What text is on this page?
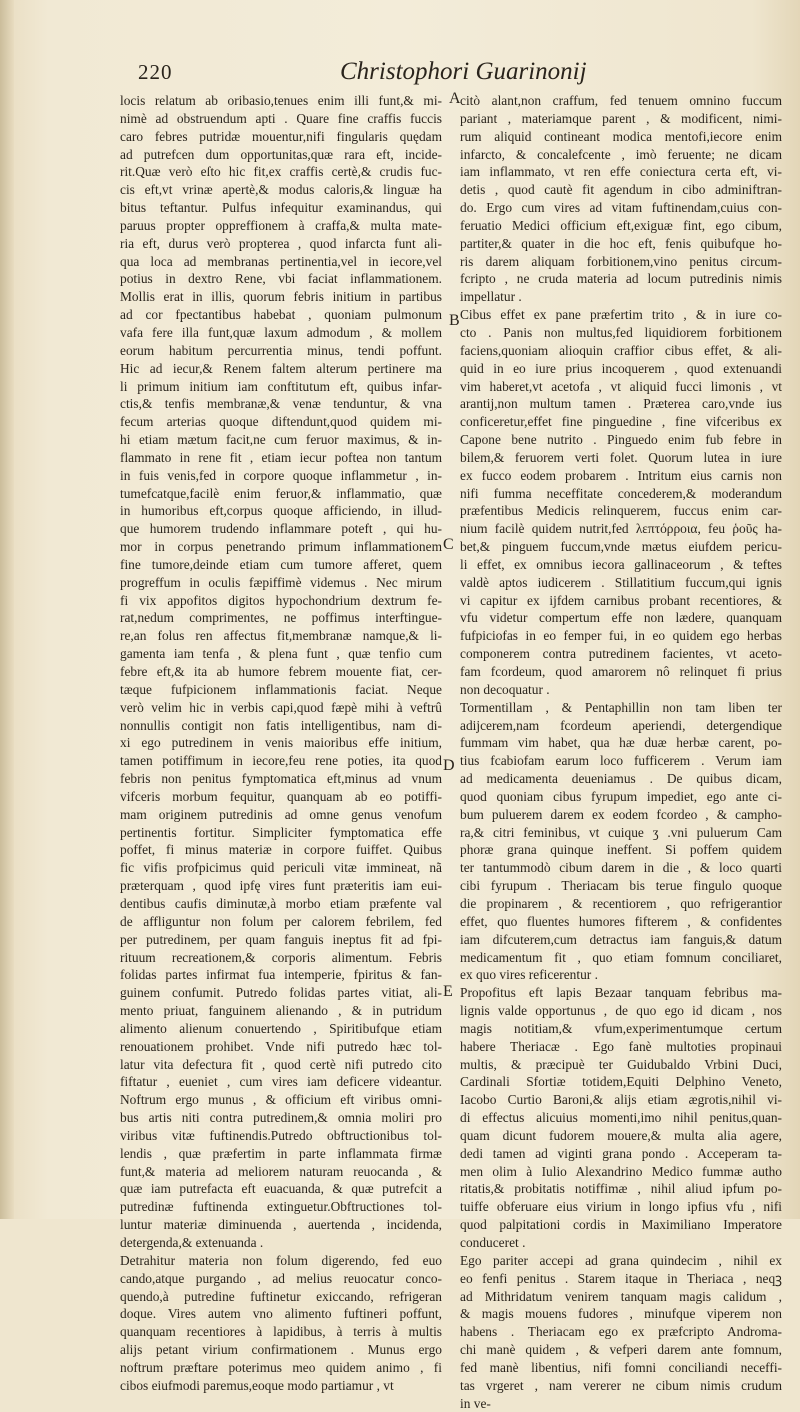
220	Christophori Guarinonij
locis relatum ab oribasio,tenues enim illi funt,& mi-
nimè ad obstruendum apti . Quare fine craffis fuccis
caro febres putridæ mouentur,nifi fingularis quędam
ad putrefcen dum opportunitas,quæ rara eft, incide-
rit.Quæ verò eſto hic fit,ex craffis certè,& crudis fuc-
cis eft,vt vrinæ apertè,& modus caloris,& linguæ ha
bitus teftantur. Pulfus infequitur examinandus, qui
paruus propter oppreffionem à craffa,& multa mate-
ria eft, durus verò propterea , quod infarcta funt ali-
qua loca ad membranas pertinentia,vel in iecore,vel
potius in dextro Rene, vbi faciat inflammationem.
Mollis erat in illis, quorum febris initium in partibus
ad cor fpectantibus habebat , quoniam pulmonum
vafa fere illa funt,quæ laxum admodum , & mollem
eorum habitum percurrentia minus, tendi poffunt.
Hic ad iecur,& Renem faltem alterum pertinere ma
li primum initium iam conftitutum eft, quibus infar-
ctis,& tenfis membranæ,& venæ tenduntur, & vna
fecum arterias quoque diftendunt,quod quidem mi-
hi etiam mætum facit,ne cum feruor maximus, & in-
flammato in rene fit , etiam iecur poftea non tantum
in fuis venis,fed in corpore quoque inflammetur , in-
tumefcatque,facilè enim feruor,& inflammatio, quæ
in humoribus eft,corpus quoque afficiendo, in illud-
que humorem trudendo inflammare poteft , qui hu-
mor in corpus penetrando primum inflammationem
fine tumore,deinde etiam cum tumore afferet, quem
progreffum in oculis fæpiffimè videmus . Nec mirum
fi vix appofitos digitos hypochondrium dextrum fe-
rat,nedum comprimentes, ne poffimus interftingue-
re,an folus ren affectus fit,membranæ namque,& li-
gamenta iam tenfa , & plena funt , quæ tenfio cum
febre eft,& ita ab humore febrem mouente fiat, cer-
tæque fufpicionem inflammationis faciat. Neque
verò velim hic in verbis capi,quod fæpè mihi à veftrû
nonnullis contigit non fatis intelligentibus, nam di-
xi ego putredinem in venis maioribus effe initium,
tamen potiffimum in iecore,feu rene poties, ita quod
febris non penitus fymptomatica eft,minus ad vnum
vifceris morbum fequitur, quanquam ab eo potiffi-
mam originem putredinis ad omne genus venofum
pertinentis fortitur. Simpliciter fymptomatica effe
poffet, fi minus materiæ in corpore fuiffet. Quibus
fic vifis profpicimus quid periculi vitæ immineat, nã
præterquam , quod ipfę vires funt præteritis iam eui-
dentibus caufis diminutæ,à morbo etiam præfente val
de affliguntur non folum per calorem febrilem, fed
per putredinem, per quam fanguis ineptus fit ad fpi-
rituum recreationem,& corporis alimentum. Febris
folidas partes infirmat fua intemperie, fpiritus & fan-
guinem confumit. Putredo folidas partes vitiat, ali-
mento priuat, fanguinem alienando , & in putridum
alimento alienum conuertendo , Spiritibufque etiam
renouationem prohibet. Vnde nifi putredo hæc tol-
latur vita defectura fit , quod certè nifi putredo cito
fiftatur , eueniet , cum vires iam deficere videantur.
Noftrum ergo munus , & officium eft viribus omni-
bus artis niti contra putredinem,& omnia moliri pro
viribus vitæ fuftinendis.Putredo obftructionibus tol-
lendis , quæ præfertim in parte inflammata firmæ
funt,& materia ad meliorem naturam reuocanda , &
quæ iam putrefacta eft euacuanda, & quæ putrefcit a
putredinæ fuftinenda extinguetur.Obftructiones tol-
luntur materiæ diminuenda , auertenda , incidenda,
detergenda,& extenuanda .
Detrahitur materia non folum digerendo, fed euo
cando,atque purgando , ad melius reuocatur conco-
quendo,à putredine fuftinetur exiccando, refrigeran
doque. Vires autem vno alimento fuftineri poffunt,
quanquam recentiores à lapidibus, à terris à multis
alijs petant virium confirmationem . Munus ergo
noftrum præftare poterimus meo quidem animo , fi
cibos eiufmodi paremus,eoque modo partiamur , vt
A
B
C
D
E
citò alant,non craffum, fed tenuem omnino fuccum
pariant , materiamque parent , & modificent, nimi-
rum aliquid contineant modica mentofi,iecore enim
infarcto, & concalefcente , imò feruente; ne dicam
iam inflammato, vt ren effe coniectura certa eft, vi-
detis , quod cautè fit agendum in cibo adminiftran-
do. Ergo cum vires ad vitam fuftinendam,cuius con-
feruatio Medici officium eft,exiguæ fint, ego cibum,
partiter,& quater in die hoc eft, fenis quibufque ho-
ris darem aliquam forbitionem,vino penitus circum-
fcripto , ne cruda materia ad locum putredinis nimis
impellatur .
Cibus effet ex pane præfertim trito , & in iure co-
cto . Panis non multus,fed liquidiorem forbitionem
faciens,quoniam alioquin craffior cibus effet, & ali-
quid in eo iure prius incoquerem , quod extenuandi
vim haberet,vt acetofa , vt aliquid fucci limonis , vt
arantij,non multum tamen . Præterea caro,vnde ius
conficeretur,effet fine pinguedine , fine vifceribus ex
Capone bene nutrito . Pinguedo enim fub febre in
bilem,& feruorem verti folet. Quorum lutea in iure
ex fucco eodem probarem . Intritum eius carnis non
nifi fumma neceffitate concederem,& moderandum
præfentibus Medicis relinquerem, fuccus enim car-
nium facilè quidem nutrit,fed λεπτόρροια, feu ῥοῦς ha-
bet,& pinguem fuccum,vnde mætus eiufdem pericu-
li effet, ex omnibus iecora gallinaceorum , & teftes
valdè aptos iudicerem . Stillatitium fuccum,qui ignis
vi capitur ex ijfdem carnibus probant recentiores, &
vfu videtur compertum effe non lædere, quanquam
fufpiciofas in eo femper fui, in eo quidem ego herbas
componerem contra putredinem facientes, vt aceto-
fam fcordeum, quod amarorem nô relinquet fi prius
non decoquatur .
Tormentillam , & Pentaphillin non tam liben ter
adijcerem,nam fcordeum aperiendi, detergendique
fummam vim habet, qua hæ duæ herbæ carent, po-
tius fcabiofam earum loco fufficerem . Verum iam
ad medicamenta deueniamus . De quibus dicam,
quod quoniam cibus fyrupum impediet, ego ante ci-
bum puluerem darem ex eodem fcordeo , & campho-
ra,& citri feminibus, vt cuique ʒ .vni puluerum Cam
phoræ grana quinque ineffent. Si poffem quidem
ter tantummodò cibum darem in die , & loco quarti
cibi fyrupum . Theriacam bis terue fingulo quoque
die propinarem , & recentiorem , quo refrigerantior
effet, quo fluentes humores fifterem , & confidentes
iam difcuterem,cum detractus iam fanguis,& datum
medicamentum fit , quo etiam fomnum conciliaret,
ex quo vires reficerentur .
Propofitus eft lapis Bezaar tanquam febribus ma-
lignis valde opportunus , de quo ego id dicam , nos
magis notitiam,& vfum,experimentumque certum
habere Theriacæ . Ego fanè multoties propinaui
multis, & præcipuè ter Guidubaldo Vrbini Duci,
Cardinali Sfortiæ totidem,Equiti Delphino Veneto,
Iacobo Curtio Baroni,& alijs etiam ægrotis,nihil vi-
di effectus alicuius momenti,imo nihil penitus,quan-
quam dicunt fudorem mouere,& multa alia agere,
dedi tamen ad viginti grana pondo . Acceperam ta-
men olim à Iulio Alexandrino Medico fummæ autho
ritatis,& probitatis notiffimæ , nihil aliud ipfum po-
tuiffe obferuare eius virium in longo ipfius vfu , nifi
quod palpitationi cordis in Maximiliano Imperatore
conduceret .
Ego pariter accepi ad grana quindecim , nihil ex
eo fenfi penitus . Starem itaque in Theriaca , neqꝫ
ad Mithridatum venirem tanquam magis calidum ,
& magis mouens fudores , minufque viperem non
habens . Theriacam ego ex præfcripto Androma-
chi manè quidem , & vefperi darem ante fomnum,
fed manè libentius, nifi fomni conciliandi neceffi-
tas vrgeret , nam vererer ne cibum nimis crudum
in ve-
